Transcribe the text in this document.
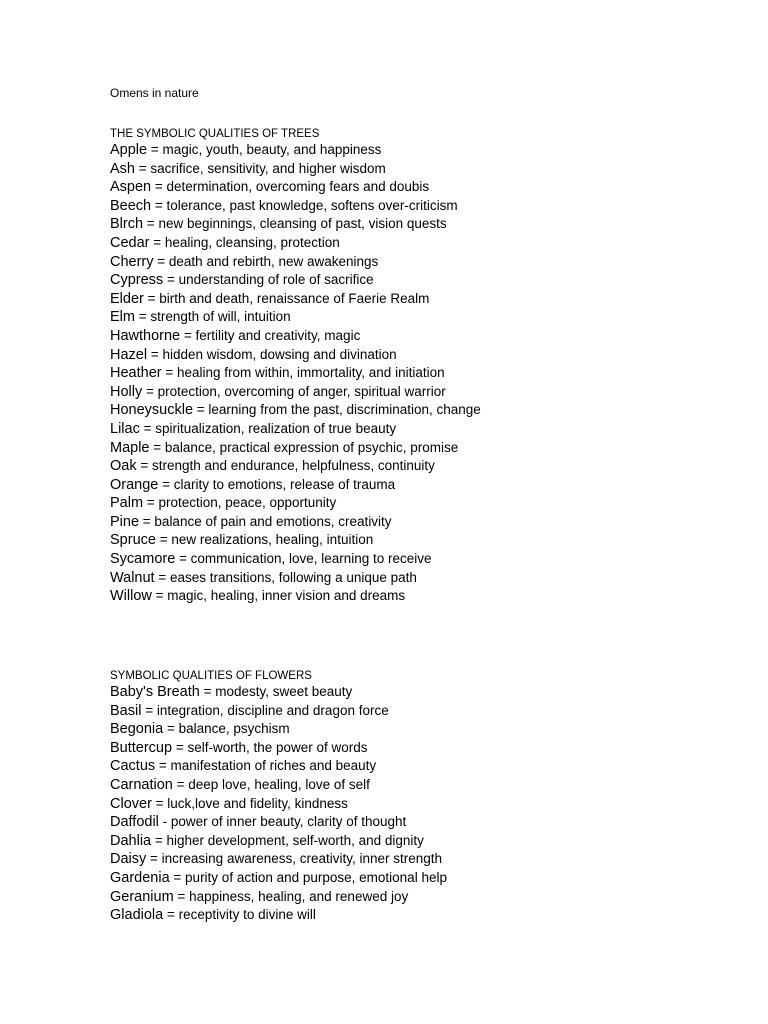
Omens in nature
THE SYMBOLIC QUALITIES OF TREES
Apple = magic, youth, beauty, and happiness
Ash = sacrifice, sensitivity, and higher wisdom
Aspen = determination, overcoming fears and doubis
Beech = tolerance, past knowledge, softens over-criticism
Blrch = new beginnings, cleansing of past, vision quests
Cedar = healing, cleansing, protection
Cherry = death and rebirth, new awakenings
Cypress = understanding of role of sacrifice
Elder = birth and death, renaissance of Faerie Realm
Elm = strength of will, intuition
Hawthorne = fertility and creativity, magic
Hazel = hidden wisdom, dowsing and divination
Heather = healing from within, immortality, and initiation
Holly = protection, overcoming of anger, spiritual warrior
Honeysuckle = learning from the past, discrimination, change
Lilac = spiritualization, realization of true beauty
Maple = balance, practical expression of psychic, promise
Oak = strength and endurance, helpfulness, continuity
Orange = clarity to emotions, release of trauma
Palm = protection, peace, opportunity
Pine = balance of pain and emotions, creativity
Spruce = new realizations, healing, intuition
Sycamore = communication, love, learning to receive
Walnut = eases transitions, following a unique path
Willow = magic, healing, inner vision and dreams
SYMBOLIC QUALITIES OF FLOWERS
Baby's Breath = modesty, sweet beauty
Basil = integration, discipline and dragon force
Begonia = balance, psychism
Buttercup = self-worth, the power of words
Cactus = manifestation of riches and beauty
Carnation = deep love, healing, love of self
Clover = luck,love and fidelity, kindness
Daffodil - power of inner beauty, clarity of thought
Dahlia = higher development, self-worth, and dignity
Daisy = increasing awareness, creativity, inner strength
Gardenia = purity of action and purpose, emotional help
Geranium = happiness, healing, and renewed joy
Gladiola = receptivity to divine will
